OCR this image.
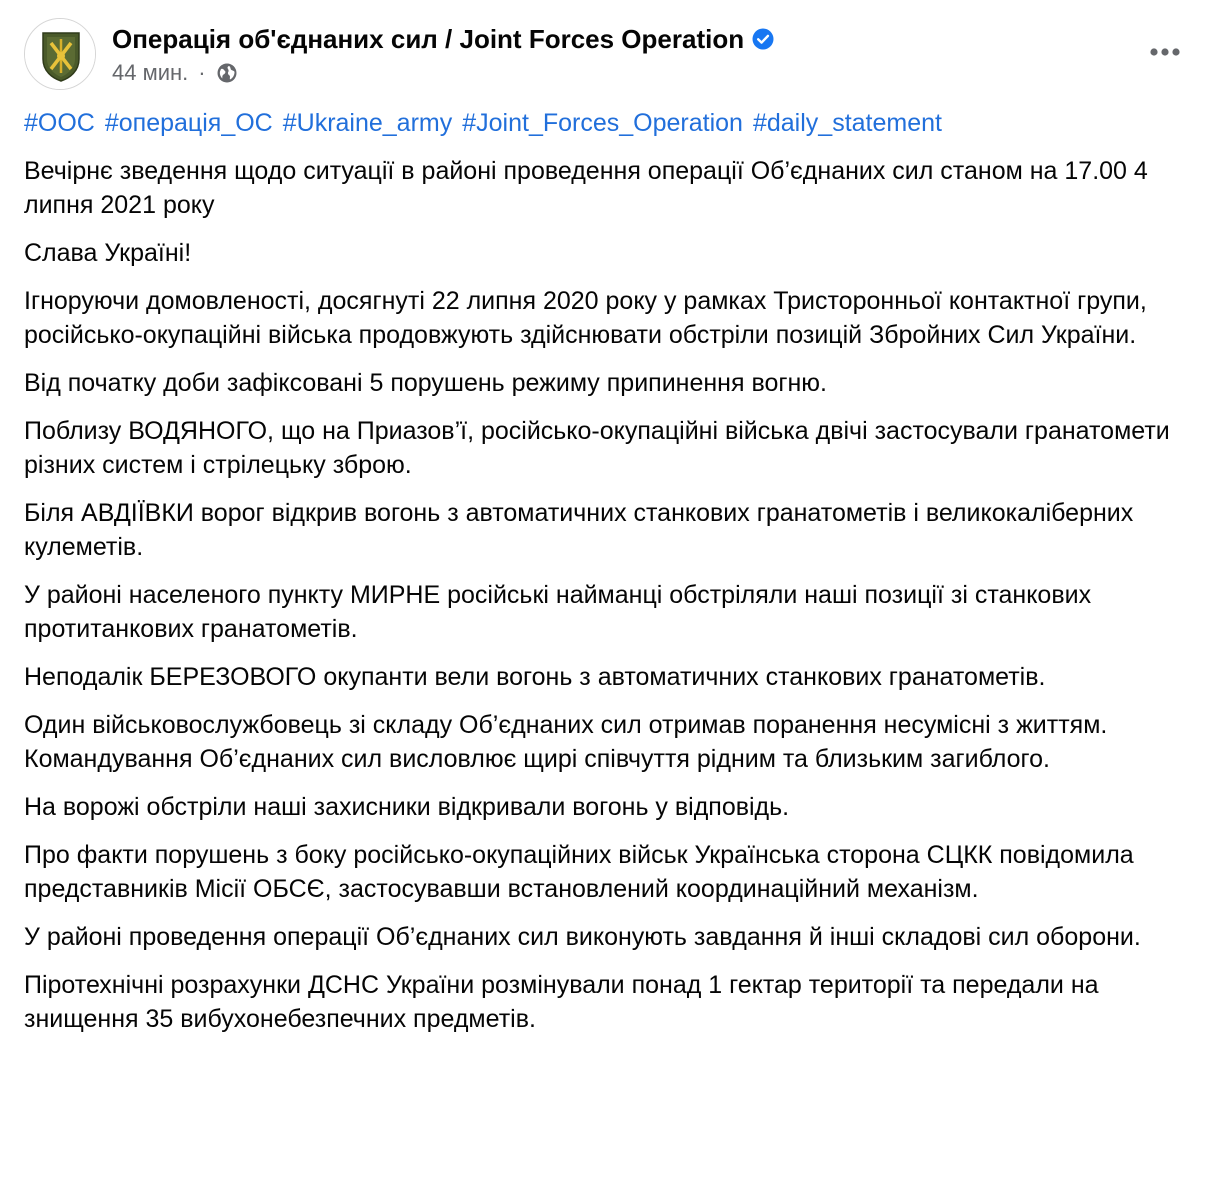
Операція об'єднаних сил / Joint Forces Operation
44 мин. ·

#ООС #операція_ОС #Ukraine_army #Joint_Forces_Operation #daily_statement

Вечірнє зведення щодо ситуації в районі проведення операції Об’єднаних сил станом на 17.00 4 липня 2021 року

Слава Україні!

Ігноруючи домовленості, досягнуті 22 липня 2020 року у рамках Тристоронньої контактної групи, російсько-окупаційні війська продовжують здійснювати обстріли позицій Збройних Сил України.

Від початку доби зафіксовані 5 порушень режиму припинення вогню.

Поблизу ВОДЯНОГО, що на Приазов’ї, російсько-окупаційні війська двічі застосували гранатомети різних систем і стрілецьку зброю.

Біля АВДІЇВКИ ворог відкрив вогонь з автоматичних станкових гранатометів і великокаліберних кулеметів.

У районі населеного пункту МИРНЕ російські найманці обстріляли наші позиції зі станкових протитанкових гранатометів.

Неподалік БЕРЕЗОВОГО окупанти вели вогонь з автоматичних станкових гранатометів.

Один військовослужбовець зі складу Об’єднаних сил отримав поранення несумісні з життям.

Командування Об’єднаних сил висловлює щирі співчуття рідним та близьким загиблого.

На ворожі обстріли наші захисники відкривали вогонь у відповідь.

Про факти порушень з боку російсько-окупаційних військ Українська сторона СЦКК повідомила представників Місії ОБСЄ, застосувавши встановлений координаційний механізм.

У районі проведення операції Об’єднаних сил виконують завдання й інші складові сил оборони.

Піротехнічні розрахунки ДСНС України розмінували понад 1 гектар території та передали на знищення 35 вибухонебезпечних предметів.
